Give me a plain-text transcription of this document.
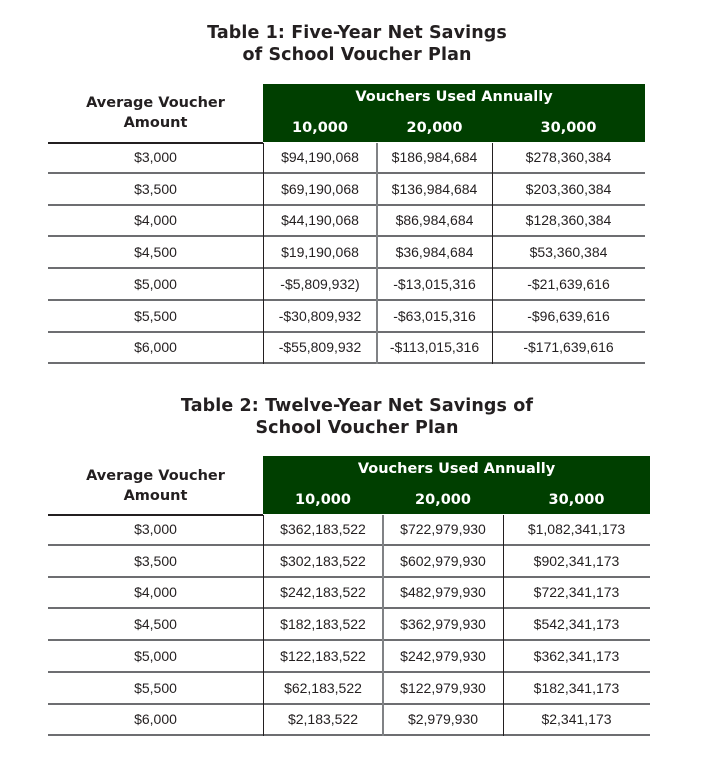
Table 1: Five-Year Net Savings
of School Voucher Plan
Average Voucher
Amount
Vouchers Used Annually
10,000	20,000	30,000
$3,000	$94,190,068	$186,984,684	$278,360,384
$3,500	$69,190,068	$136,984,684	$203,360,384
$4,000	$44,190,068	$86,984,684	$128,360,384
$4,500	$19,190,068	$36,984,684	$53,360,384
$5,000	-$5,809,932)	-$13,015,316	-$21,639,616
$5,500	-$30,809,932	-$63,015,316	-$96,639,616
$6,000	-$55,809,932	-$113,015,316	-$171,639,616
Table 2: Twelve-Year Net Savings of
School Voucher Plan
Average Voucher
Amount
Vouchers Used Annually
10,000	20,000	30,000
$3,000	$362,183,522	$722,979,930	$1,082,341,173
$3,500	$302,183,522	$602,979,930	$902,341,173
$4,000	$242,183,522	$482,979,930	$722,341,173
$4,500	$182,183,522	$362,979,930	$542,341,173
$5,000	$122,183,522	$242,979,930	$362,341,173
$5,500	$62,183,522	$122,979,930	$182,341,173
$6,000	$2,183,522	$2,979,930	$2,341,173
